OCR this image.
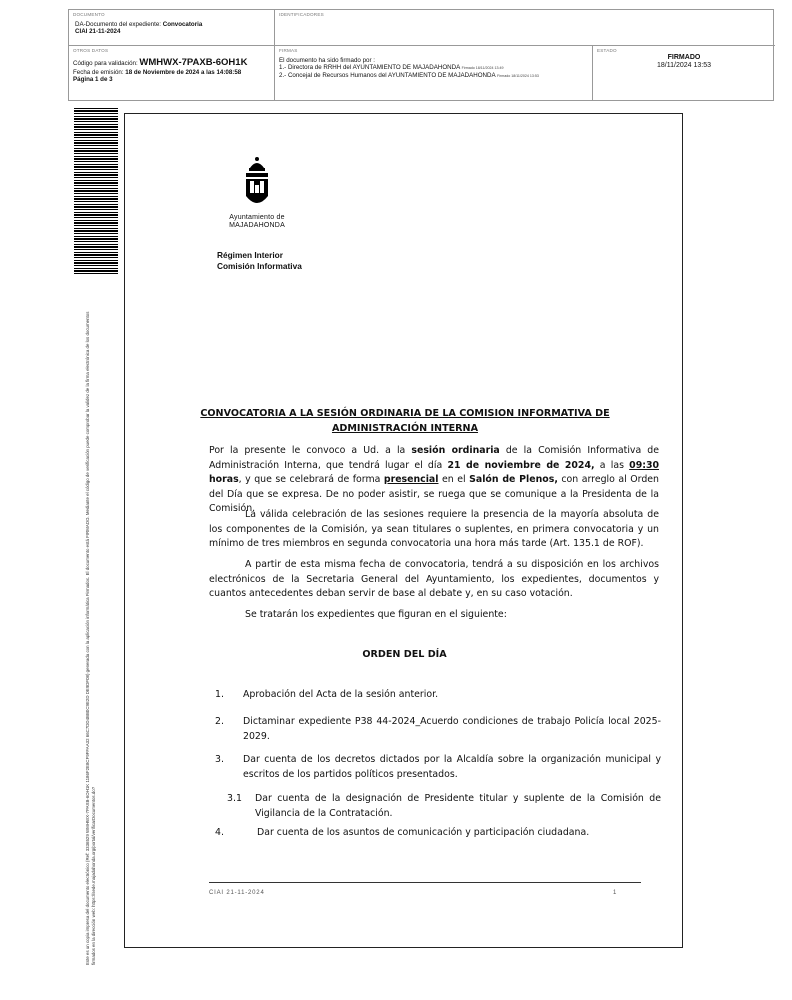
DOCUMENTO
DA-Documento del expediente: Convocatoria
CIAI 21-11-2024
IDENTIFICADORES
OTROS DATOS
Código para validación: WMHWX-7PAXB-6OH1K
Fecha de emisión: 18 de Noviembre de 2024 a las 14:08:58
Página 1 de 3
FIRMAS
El documento ha sido firmado por :
1.- Directora de RRHH del AYUNTAMIENTO DE MAJADAHONDA Firmado 18/11/2024 13:49
2.- Concejal de Recursos Humanos del AYUNTAMIENTO DE MAJADAHONDA Firmado 18/11/2024 13:53
ESTADO
FIRMADO
18/11/2024 13:53
Este es un copia impresa del documento electrónico (Ref: 3336529 WMHWX-7PAXB-6OH1K 1186F2E8CF9FFAA32 66C7DD4BB0C9E2D DE9DF08) generada con la aplicación informática Firmadoc. El documento está FIRMADO. Mediante el código de verificación puede comprobar la validez de la firma electrónica de los documentos firmados en la dirección web: https://sede.majadahonda.org/portal/verificarDocumentos.do?
Ayuntamiento de
MAJADAHONDA
Régimen Interior
Comisión Informativa
CONVOCATORIA A LA SESIÓN ORDINARIA DE LA COMISION INFORMATIVA DE ADMINISTRACIÓN INTERNA
Por la presente le convoco a Ud. a la sesión ordinaria de la Comisión Informativa de Administración Interna, que tendrá lugar el día 21 de noviembre de 2024, a las 09:30 horas, y que se celebrará de forma presencial en el Salón de Plenos, con arreglo al Orden del Día que se expresa. De no poder asistir, se ruega que se comunique a la Presidenta de la Comisión.
La válida celebración de las sesiones requiere la presencia de la mayoría absoluta de los componentes de la Comisión, ya sean titulares o suplentes, en primera convocatoria y un mínimo de tres miembros en segunda convocatoria una hora más tarde (Art. 135.1 de ROF).
A partir de esta misma fecha de convocatoria, tendrá a su disposición en los archivos electrónicos de la Secretaria General del Ayuntamiento, los expedientes, documentos y cuantos antecedentes deban servir de base al debate y, en su caso votación.
Se tratarán los expedientes que figuran en el siguiente:
ORDEN DEL DÍA
1. Aprobación del Acta de la sesión anterior.
2. Dictaminar expediente P38 44-2024_Acuerdo condiciones de trabajo Policía local 2025-2029.
3. Dar cuenta de los decretos dictados por la Alcaldía sobre la organización municipal y escritos de los partidos políticos presentados.
3.1 Dar cuenta de la designación de Presidente titular y suplente de la Comisión de Vigilancia de la Contratación.
4.	Dar cuenta de los asuntos de comunicación y participación ciudadana.
CIAI 21-11-2024	1
